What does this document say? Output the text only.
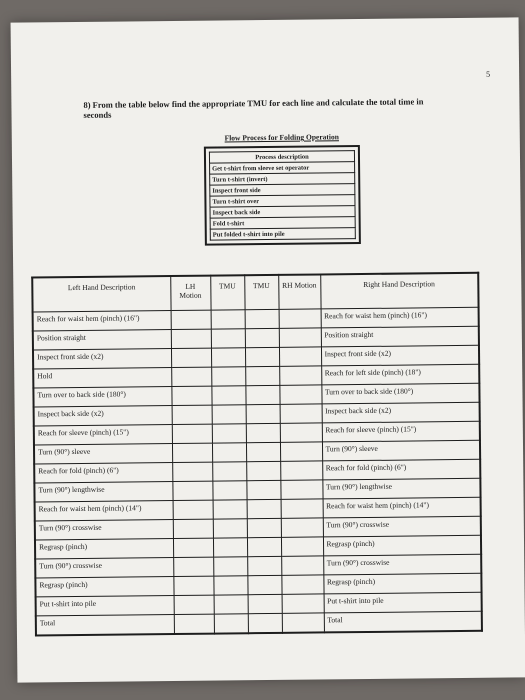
5
8) From the table below find the appropriate TMU for each line and calculate the total time in seconds
Flow Process for Folding Operation
Process description
Get t-shirt from sleeve set operator
Turn t-shirt (invert)
Inspect front side
Turn t-shirt over
Inspect back side
Fold t-shirt
Put folded t-shirt into pile
Left Hand Description	LH Motion	TMU	TMU	RH Motion	Right Hand Description
Reach for waist hem (pinch) (16")					Reach for waist hem (pinch) (16")
Position straight					Position straight
Inspect front side (x2)					Inspect front side (x2)
Hold					Reach for left side (pinch) (18")
Turn over to back side (180°)					Turn over to back side (180°)
Inspect back side (x2)					Inspect back side (x2)
Reach for sleeve (pinch) (15")					Reach for sleeve (pinch) (15")
Turn (90°) sleeve					Turn (90°) sleeve
Reach for fold (pinch) (6")					Reach for fold (pinch) (6")
Turn (90°) lengthwise					Turn (90°) lengthwise
Reach for waist hem (pinch) (14")					Reach for waist hem (pinch) (14")
Turn (90°) crosswise					Turn (90°) crosswise
Regrasp (pinch)					Regrasp (pinch)
Turn (90°) crosswise					Turn (90°) crosswise
Regrasp (pinch)					Regrasp (pinch)
Put t-shirt into pile					Put t-shirt into pile
Total					Total
